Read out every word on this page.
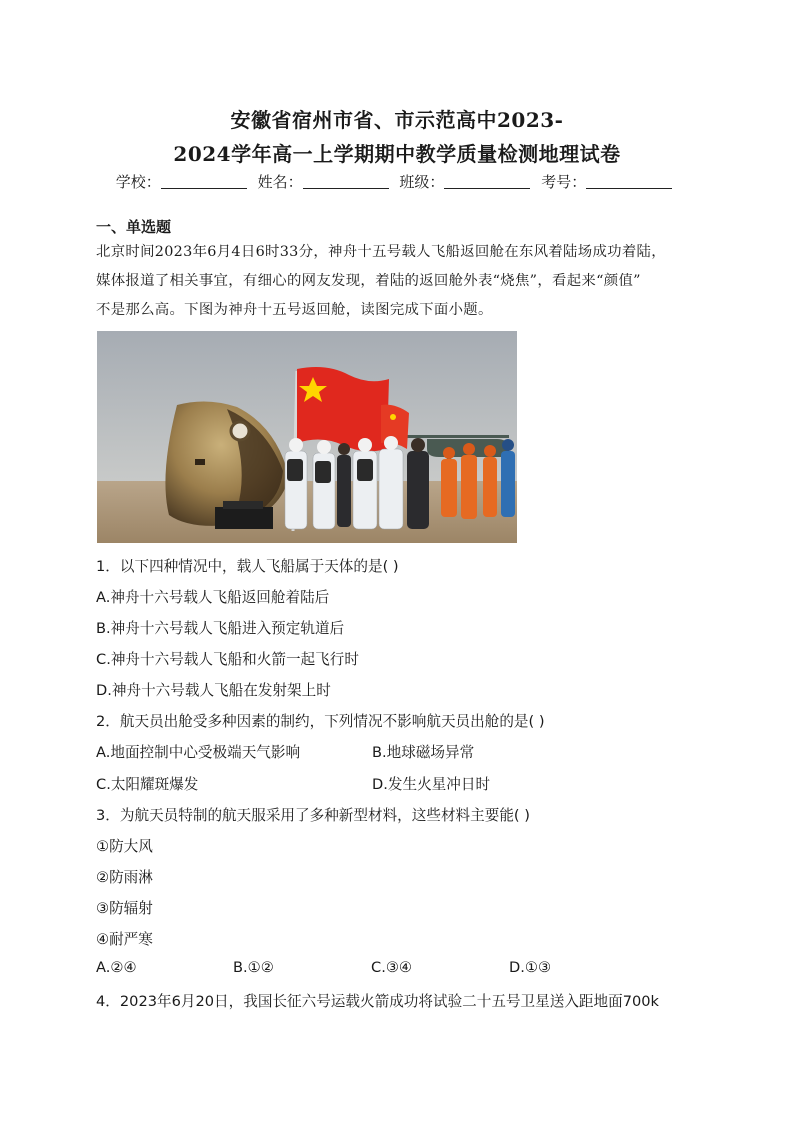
安徽省宿州市省、市示范高中2023-
2024学年高一上学期期中教学质量检测地理试卷
学校：	姓名：	班级：	考号：
一、单选题
北京时间2023年6月4日6时33分，神舟十五号载人飞船返回舱在东风着陆场成功着陆，
媒体报道了相关事宜，有细心的网友发现，着陆的返回舱外表“烧焦”，看起来“颜值”
不是那么高。下图为神舟十五号返回舱，读图完成下面小题。
1．以下四种情况中，载人飞船属于天体的是( )
A.神舟十六号载人飞船返回舱着陆后
B.神舟十六号载人飞船进入预定轨道后
C.神舟十六号载人飞船和火箭一起飞行时
D.神舟十六号载人飞船在发射架上时
2．航天员出舱受多种因素的制约，下列情况不影响航天员出舱的是( )
A.地面控制中心受极端天气影响	B.地球磁场异常
C.太阳耀斑爆发	D.发生火星冲日时
3．为航天员特制的航天服采用了多种新型材料，这些材料主要能( )
①防大风
②防雨淋
③防辐射
④耐严寒
A.②④	B.①②	C.③④	D.①③
4．2023年6月20日，我国长征六号运载火箭成功将试验二十五号卫星送入距地面700k
